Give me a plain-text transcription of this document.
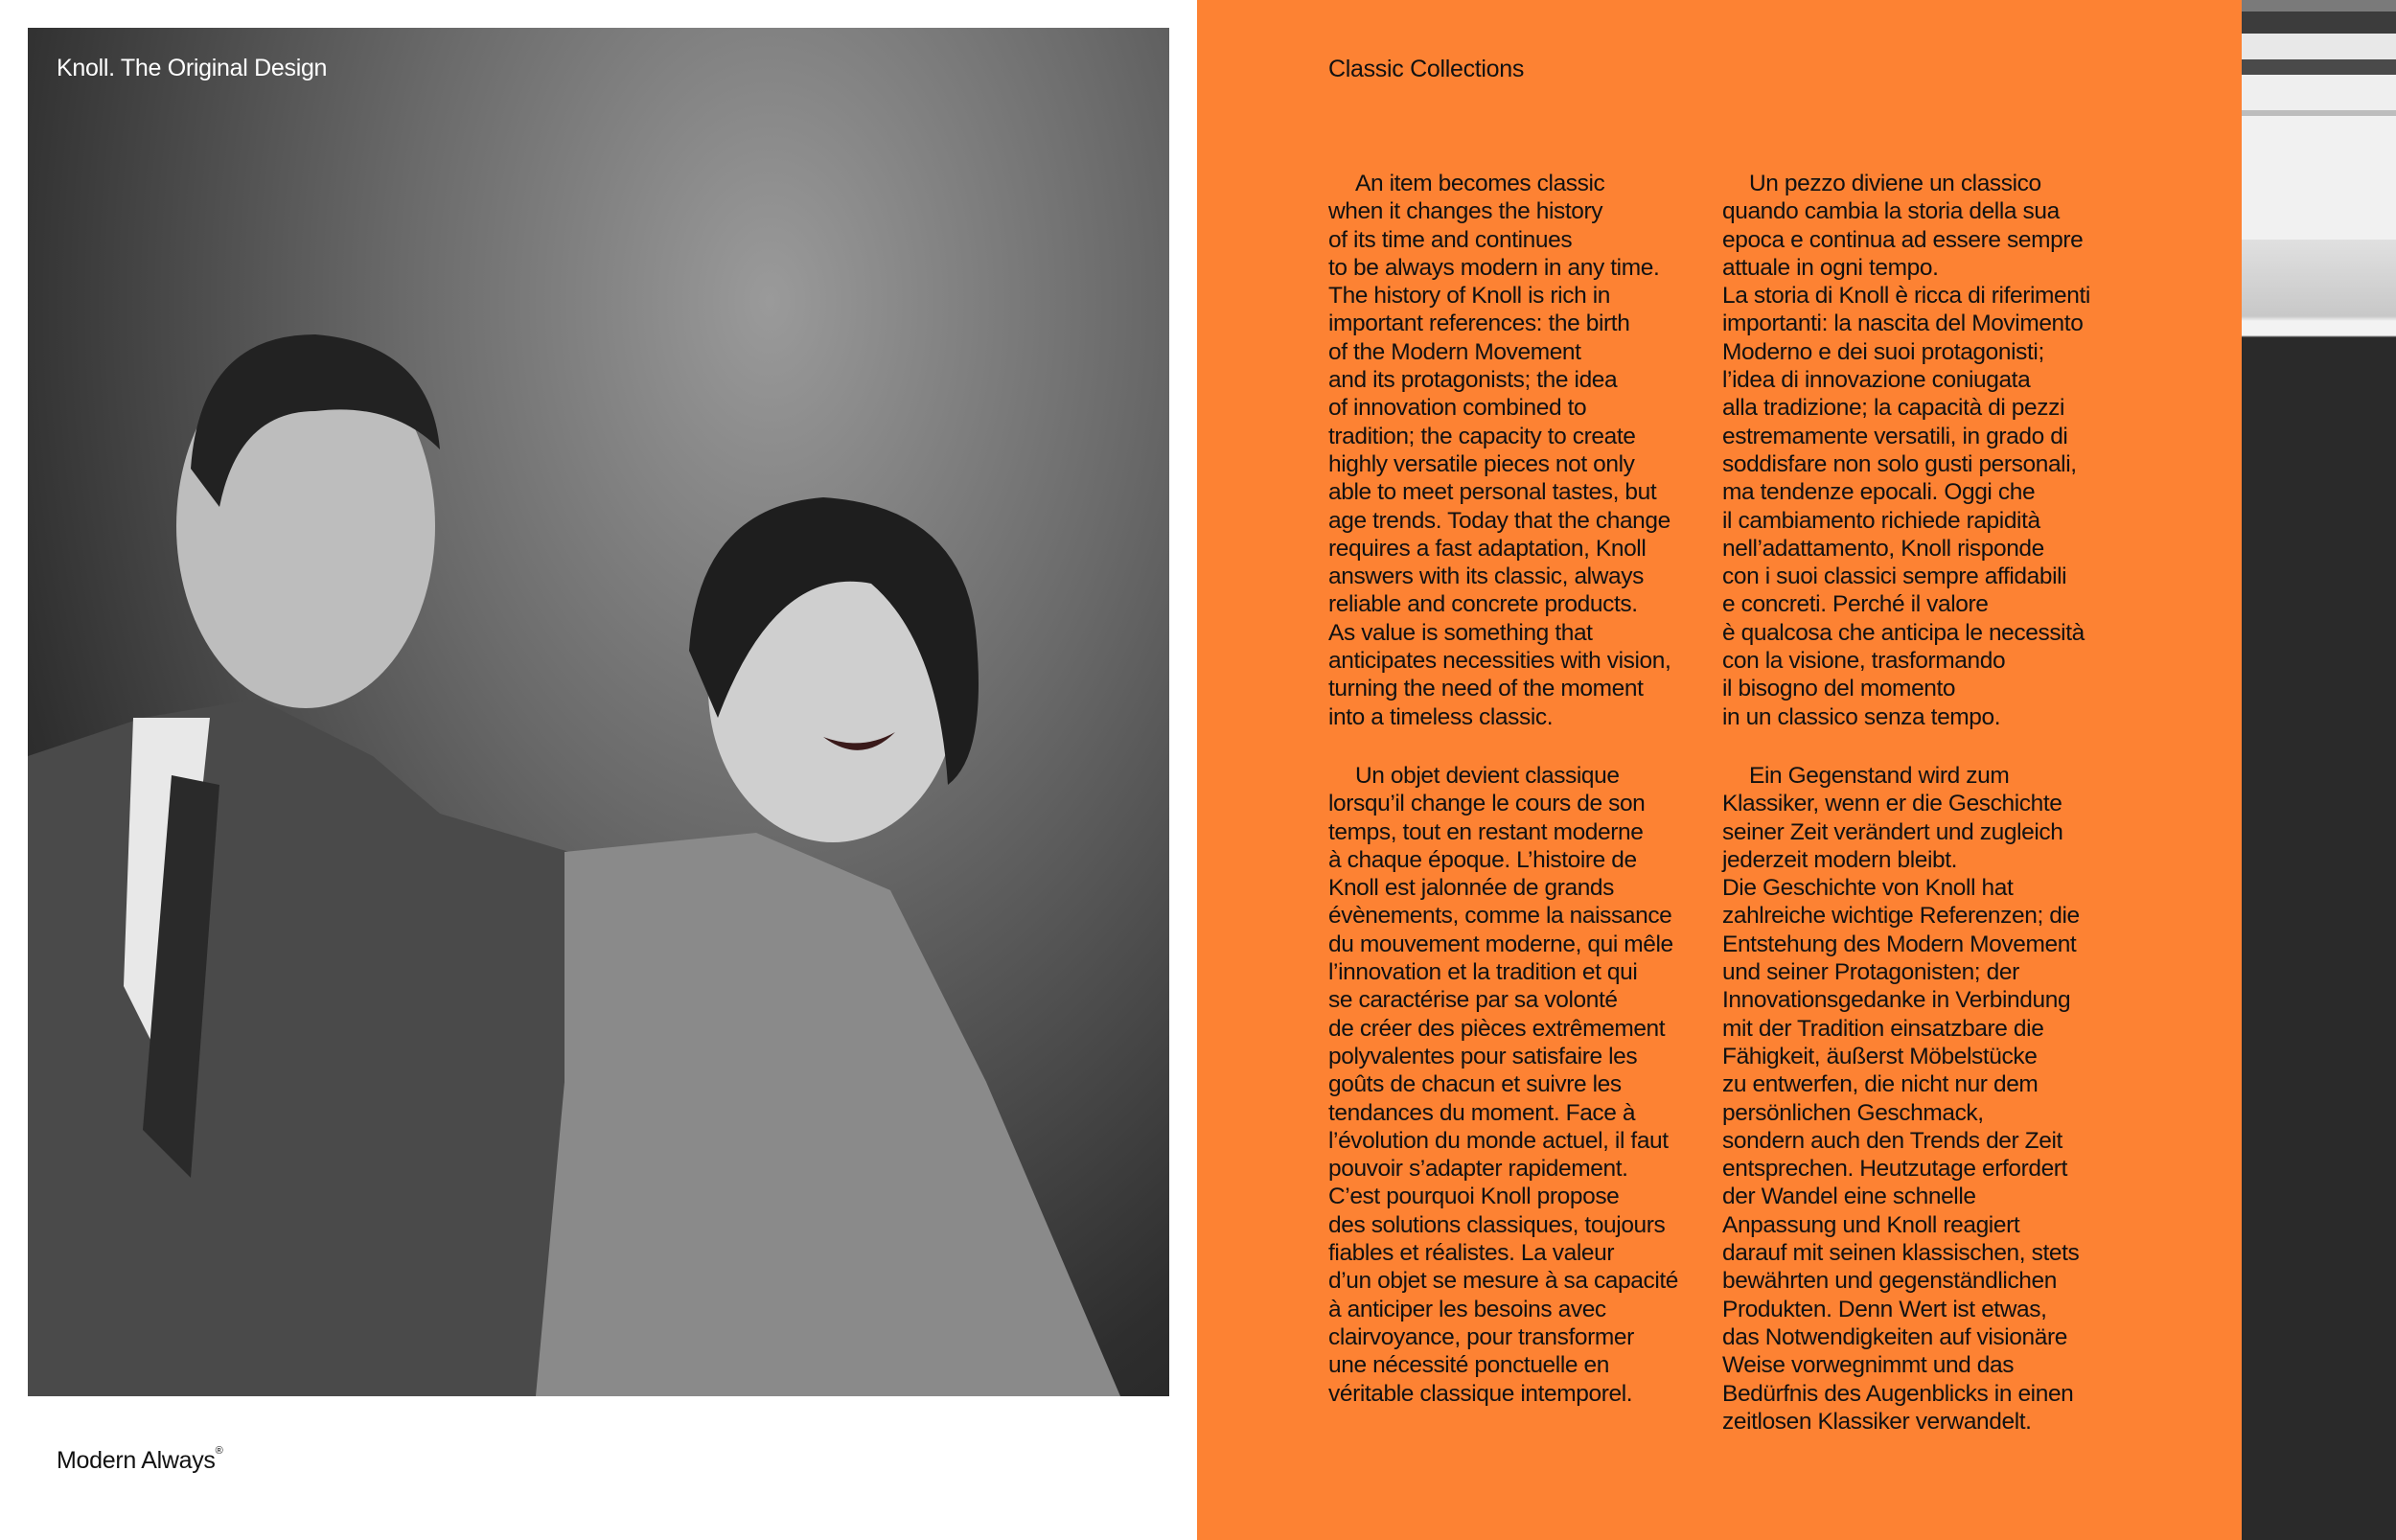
Knoll. The Original Design
Modern Always®
Classic Collections
An item becomes classic
when it changes the history
of its time and continues
to be always modern in any time.
The history of Knoll is rich in
important references: the birth
of the Modern Movement
and its protagonists; the idea
of innovation combined to
tradition; the capacity to create
highly versatile pieces not only
able to meet personal tastes, but
age trends. Today that the change
requires a fast adaptation, Knoll
answers with its classic, always
reliable and concrete products.
As value is something that
anticipates necessities with vision,
turning the need of the moment
into a timeless classic.
Un pezzo diviene un classico
quando cambia la storia della sua
epoca e continua ad essere sempre
attuale in ogni tempo.
La storia di Knoll è ricca di riferimenti
importanti: la nascita del Movimento
Moderno e dei suoi protagonisti;
l’idea di innovazione coniugata
alla tradizione; la capacità di pezzi
estremamente versatili, in grado di
soddisfare non solo gusti personali,
ma tendenze epocali. Oggi che
il cambiamento richiede rapidità
nell’adattamento, Knoll risponde
con i suoi classici sempre affidabili
e concreti. Perché il valore
è qualcosa che anticipa le necessità
con la visione, trasformando
il bisogno del momento
in un classico senza tempo.
Un objet devient classique
lorsqu’il change le cours de son
temps, tout en restant moderne
à chaque époque. L’histoire de
Knoll est jalonnée de grands
évènements, comme la naissance
du mouvement moderne, qui mêle
l’innovation et la tradition et qui
se caractérise par sa volonté
de créer des pièces extrêmement
polyvalentes pour satisfaire les
goûts de chacun et suivre les
tendances du moment. Face à
l’évolution du monde actuel, il faut
pouvoir s’adapter rapidement.
C’est pourquoi Knoll propose
des solutions classiques, toujours
fiables et réalistes. La valeur
d’un objet se mesure à sa capacité
à anticiper les besoins avec
clairvoyance, pour transformer
une nécessité ponctuelle en
véritable classique intemporel.
Ein Gegenstand wird zum
Klassiker, wenn er die Geschichte
seiner Zeit verändert und zugleich
jederzeit modern bleibt.
Die Geschichte von Knoll hat
zahlreiche wichtige Referenzen; die
Entstehung des Modern Movement
und seiner Protagonisten; der
Innovationsgedanke in Verbindung
mit der Tradition einsatzbare die
Fähigkeit, äußerst Möbelstücke
zu entwerfen, die nicht nur dem
persönlichen Geschmack,
sondern auch den Trends der Zeit
entsprechen. Heutzutage erfordert
der Wandel eine schnelle
Anpassung und Knoll reagiert
darauf mit seinen klassischen, stets
bewährten und gegenständlichen
Produkten. Denn Wert ist etwas,
das Notwendigkeiten auf visionäre
Weise vorwegnimmt und das
Bedürfnis des Augenblicks in einen
zeitlosen Klassiker verwandelt.
